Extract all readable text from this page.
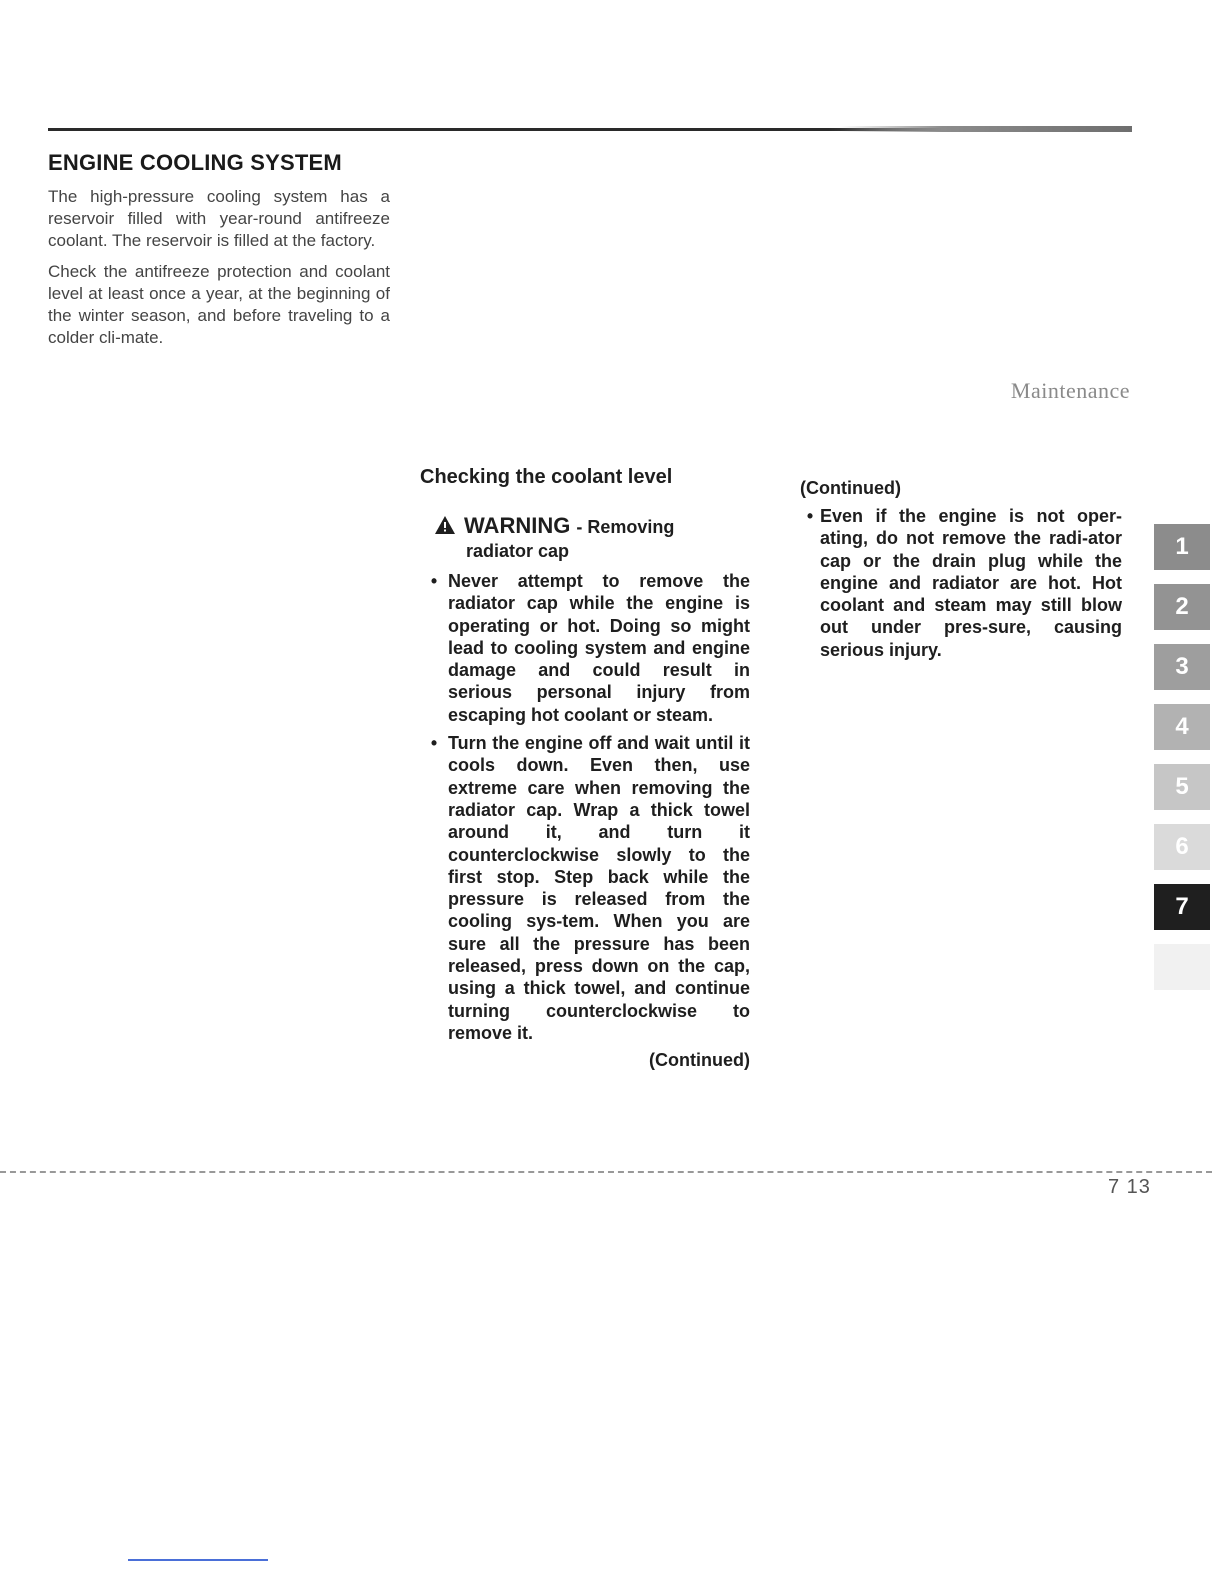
Maintenance
ENGINE COOLING SYSTEM

The high-pressure cooling system has a reservoir filled with year-round antifreeze coolant. The reservoir is filled at the factory.

Check the antifreeze protection and coolant level at least once a year, at the beginning of the winter season, and before traveling to a colder cli-mate.

Checking the coolant level
WARNING - Removing
radiator cap
• Never attempt to remove the radiator cap while the engine is operating or hot. Doing so might lead to cooling system and engine damage and could result in serious personal injury from escaping hot coolant or steam.
• Turn the engine off and wait until it cools down. Even then, use extreme care when removing the radiator cap. Wrap a thick towel around it, and turn it counterclockwise slowly to the first stop. Step back while the pressure is released from the cooling sys-tem. When you are sure all the pressure has been released, press down on the cap, using a thick towel, and continue turning counterclockwise to remove it.
(Continued)
(Continued)
• Even if the engine is not oper-ating, do not remove the radi-ator cap or the drain plug while the engine and radiator are hot. Hot coolant and steam may still blow out under pres-sure, causing serious injury.
1
2
3
4
5
6
7
8
7 13
